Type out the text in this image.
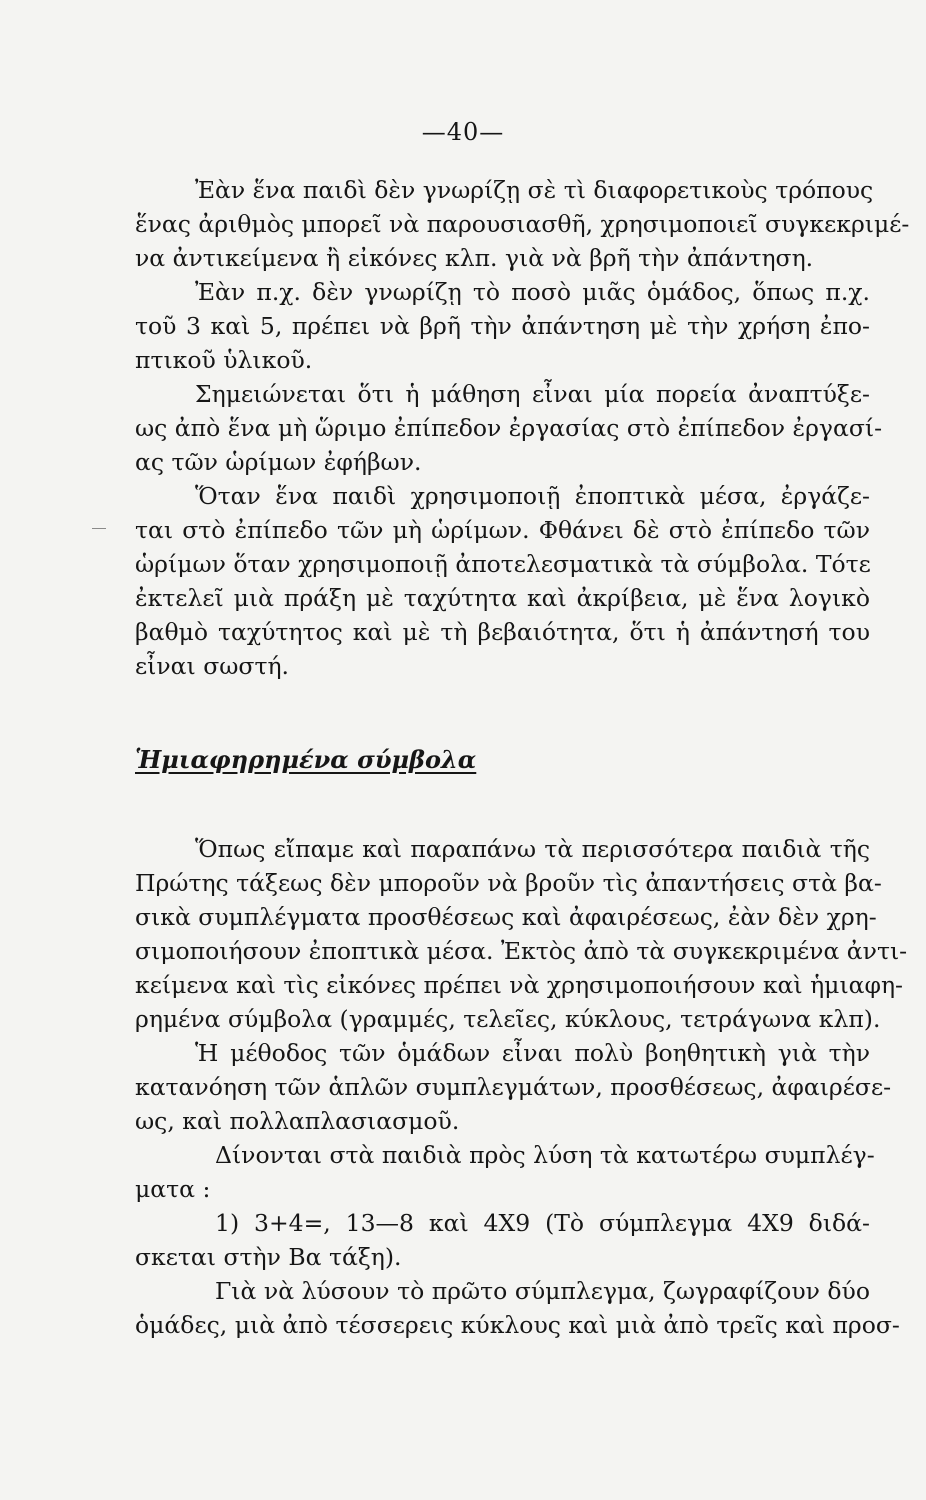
—40—
Ἐὰν ἕνα παιδὶ δὲν γνωρίζῃ σὲ τὶ διαφορετικοὺς τρόπους
ἕνας ἀριθμὸς μπορεῖ νὰ παρουσιασθῆ, χρησιμοποιεῖ συγκεκριμέ-
να ἀντικείμενα ἢ εἰκόνες κλπ. γιὰ νὰ βρῆ τὴν ἀπάντηση.
Ἐὰν π.χ. δὲν γνωρίζῃ τὸ ποσὸ μιᾶς ὁμάδος, ὅπως π.χ.
τοῦ 3 καὶ 5, πρέπει νὰ βρῆ τὴν ἀπάντηση μὲ τὴν χρήση ἐπο-
πτικοῦ ὑλικοῦ.
Σημειώνεται ὅτι ἡ μάθηση εἶναι μία πορεία ἀναπτύξε-
ως ἀπὸ ἕνα μὴ ὥριμο ἐπίπεδον ἐργασίας στὸ ἐπίπεδον ἐργασί-
ας τῶν ὡρίμων ἐφήβων.
Ὅταν ἕνα παιδὶ χρησιμοποιῇ ἐποπτικὰ μέσα, ἐργάζε-
ται στὸ ἐπίπεδο τῶν μὴ ὡρίμων. Φθάνει δὲ στὸ ἐπίπεδο τῶν
ὡρίμων ὅταν χρησιμοποιῇ ἀποτελεσματικὰ τὰ σύμβολα. Τότε
ἐκτελεῖ μιὰ πράξη μὲ ταχύτητα καὶ ἀκρίβεια, μὲ ἕνα λογικὸ
βαθμὸ ταχύτητος καὶ μὲ τὴ βεβαιότητα, ὅτι ἡ ἀπάντησή του
εἶναι σωστή.
Ἡμιαφηρημένα σύμβολα
Ὅπως εἴπαμε καὶ παραπάνω τὰ περισσότερα παιδιὰ τῆς
Πρώτης τάξεως δὲν μποροῦν νὰ βροῦν τὶς ἀπαντήσεις στὰ βα-
σικὰ συμπλέγματα προσθέσεως καὶ ἀφαιρέσεως, ἐὰν δὲν χρη-
σιμοποιήσουν ἐποπτικὰ μέσα. Ἐκτὸς ἀπὸ τὰ συγκεκριμένα ἀντι-
κείμενα καὶ τὶς εἰκόνες πρέπει νὰ χρησιμοποιήσουν καὶ ἡμιαφη-
ρημένα σύμβολα (γραμμές, τελεῖες, κύκλους, τετράγωνα κλπ).
Ἡ μέθοδος τῶν ὁμάδων εἶναι πολὺ βοηθητικὴ γιὰ τὴν
κατανόηση τῶν ἁπλῶν συμπλεγμάτων, προσθέσεως, ἀφαιρέσε-
ως, καὶ πολλαπλασιασμοῦ.
Δίνονται στὰ παιδιὰ πρὸς λύση τὰ κατωτέρω συμπλέγ-
ματα :
1) 3+4=, 13—8 καὶ 4Χ9 (Τὸ σύμπλεγμα 4Χ9 διδά-
σκεται στὴν Βα τάξη).
Γιὰ νὰ λύσουν τὸ πρῶτο σύμπλεγμα, ζωγραφίζουν δύο
ὁμάδες, μιὰ ἀπὸ τέσσερεις κύκλους καὶ μιὰ ἀπὸ τρεῖς καὶ προσ-
